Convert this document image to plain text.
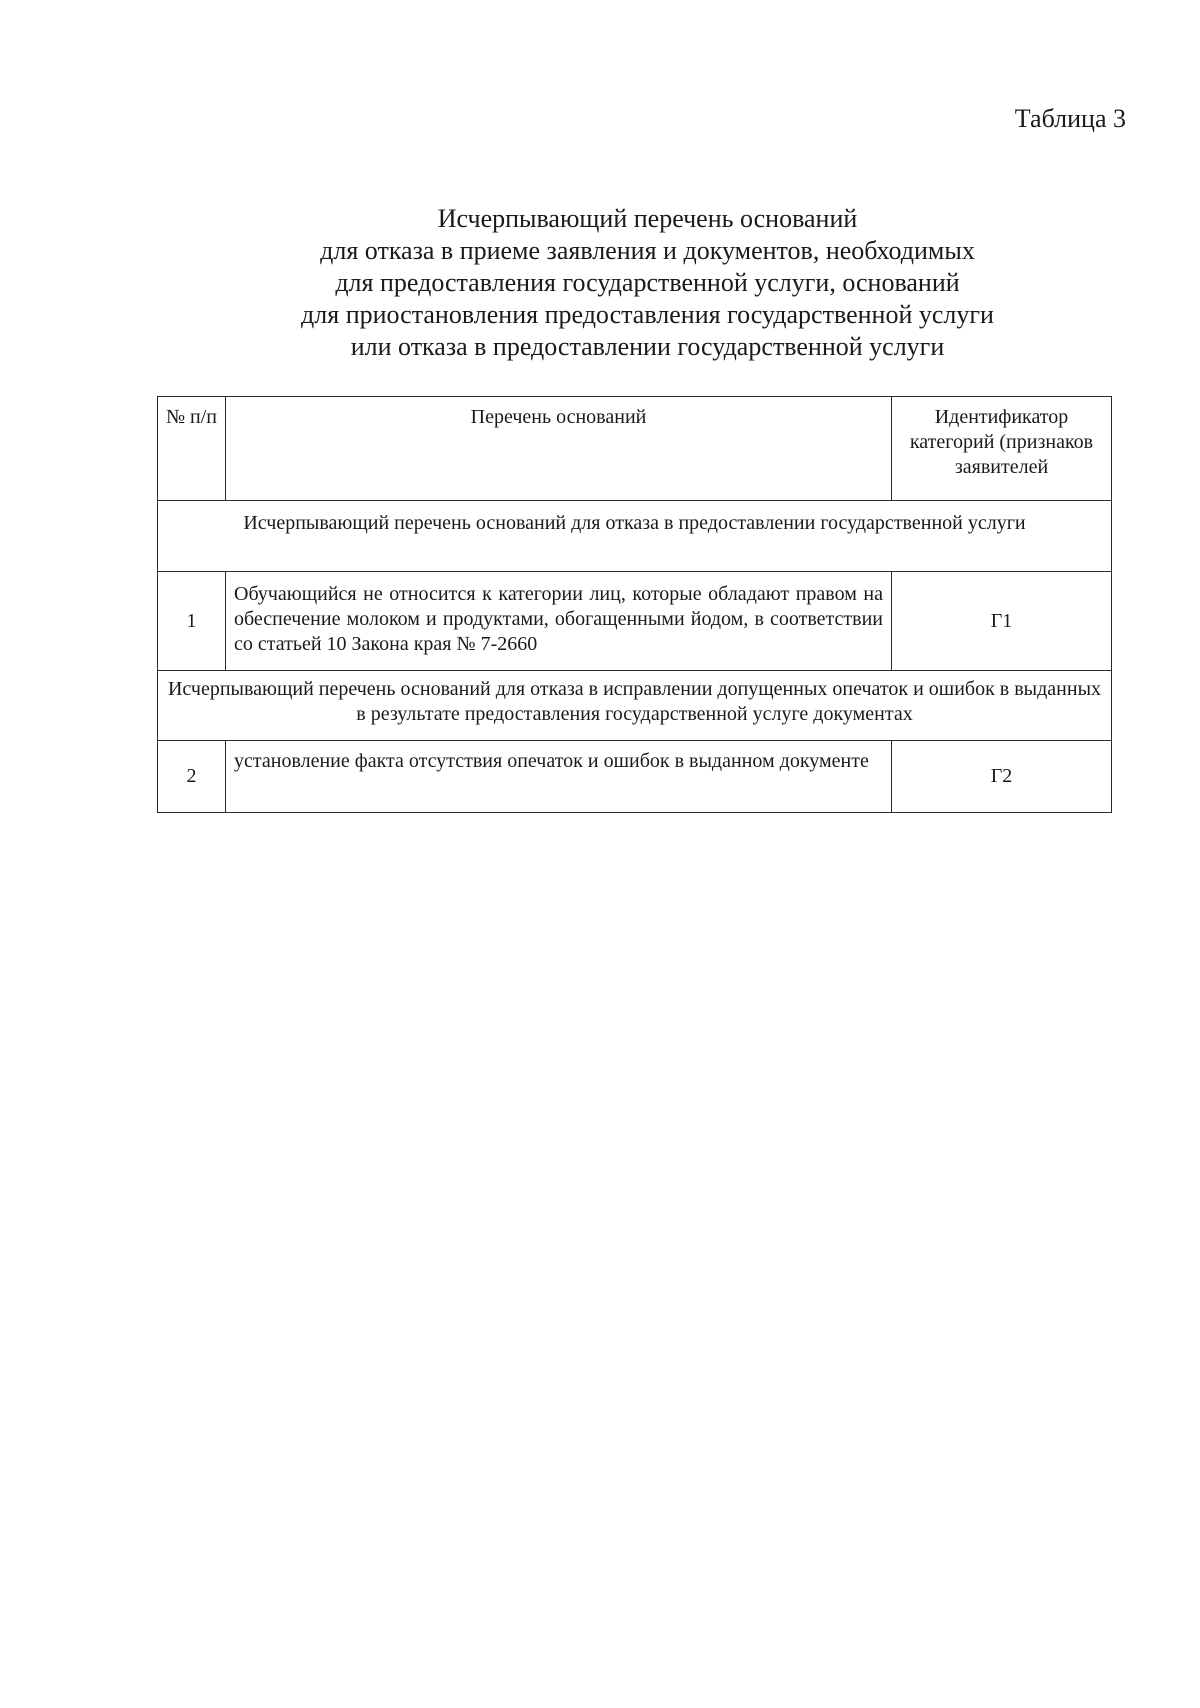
Таблица 3
Исчерпывающий перечень оснований
для отказа в приеме заявления и документов, необходимых
для предоставления государственной услуги, оснований
для приостановления предоставления государственной услуги
или отказа в предоставлении государственной услуги
№ п/п	Перечень оснований	Идентификатор категорий (признаков заявителей
Исчерпывающий перечень оснований для отказа в предоставлении государственной услуги		
1	Обучающийся не относится к категории лиц, которые обладают правом на обеспечение молоком и продуктами, обогащенными йодом, в соответствии со статьей 10 Закона края № 7-2660	Г1
Исчерпывающий перечень оснований для отказа в исправлении допущенных опечаток и ошибок в выданных в результате предоставления государственной услуге документах		
2	установление факта отсутствия опечаток и ошибок в выданном документе	Г2
